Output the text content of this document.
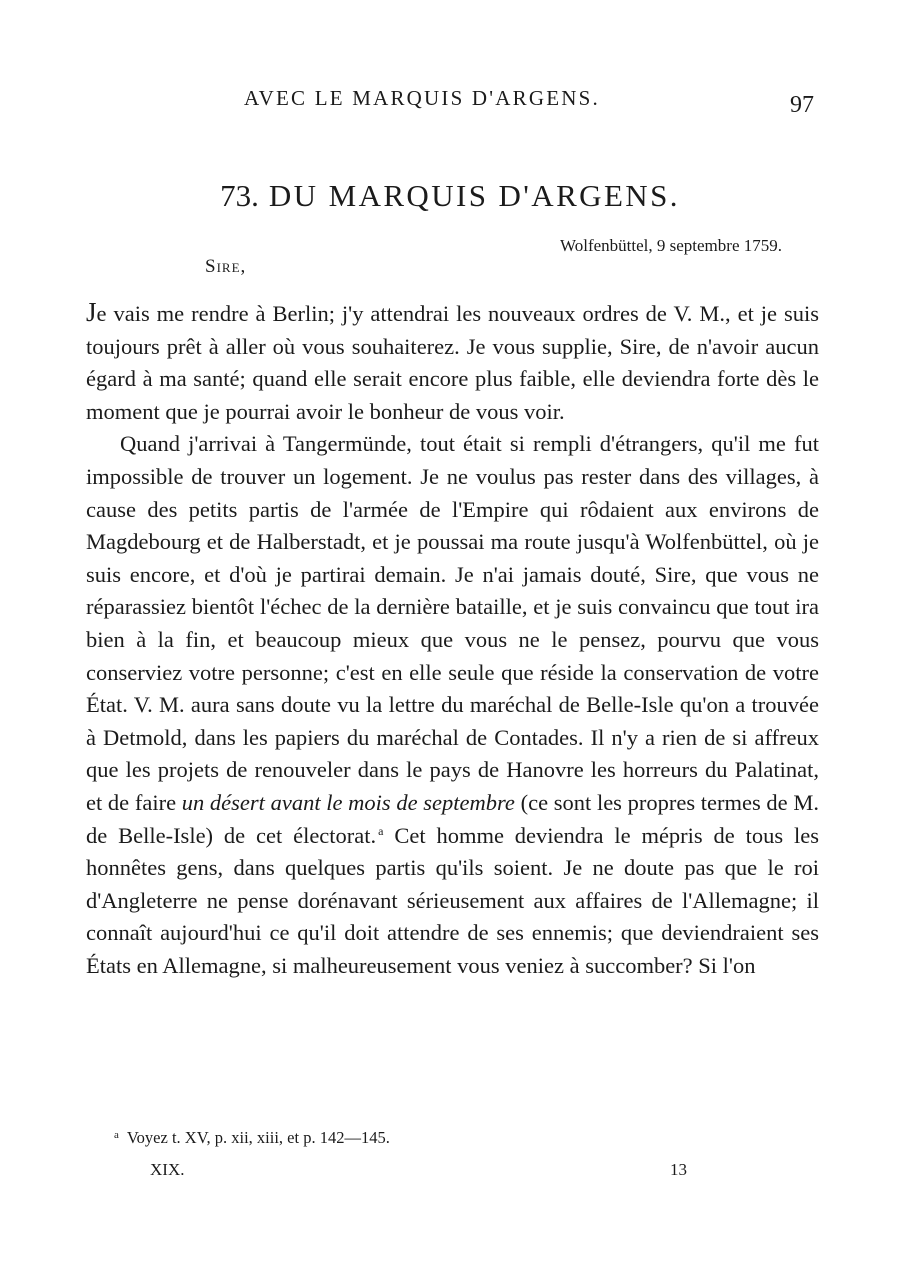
AVEC LE MARQUIS D'ARGENS.	97
73. DU MARQUIS D'ARGENS.
Wolfenbüttel, 9 septembre 1759.
Sire,

Je vais me rendre à Berlin; j'y attendrai les nouveaux ordres de V. M., et je suis toujours prêt à aller où vous souhaiterez. Je vous supplie, Sire, de n'avoir aucun égard à ma santé; quand elle serait encore plus faible, elle deviendra forte dès le moment que je pourrai avoir le bonheur de vous voir.

Quand j'arrivai à Tangermünde, tout était si rempli d'étrangers, qu'il me fut impossible de trouver un logement. Je ne voulus pas rester dans des villages, à cause des petits partis de l'armée de l'Empire qui rôdaient aux environs de Magdebourg et de Halberstadt, et je poussai ma route jusqu'à Wolfenbüttel, où je suis encore, et d'où je partirai demain. Je n'ai jamais douté, Sire, que vous ne réparassiez bientôt l'échec de la dernière bataille, et je suis convaincu que tout ira bien à la fin, et beaucoup mieux que vous ne le pensez, pourvu que vous conserviez votre personne; c'est en elle seule que réside la conservation de votre État. V. M. aura sans doute vu la lettre du maréchal de Belle-Isle qu'on a trouvée à Detmold, dans les papiers du maréchal de Contades. Il n'y a rien de si affreux que les projets de renouveler dans le pays de Hanovre les horreurs du Palatinat, et de faire un désert avant le mois de septembre (ce sont les propres termes de M. de Belle-Isle) de cet électorat. $^a$ Cet homme deviendra le mépris de tous les honnêtes gens, dans quelques partis qu'ils soient. Je ne doute pas que le roi d'Angleterre ne pense dorénavant sérieusement aux affaires de l'Allemagne; il connaît aujourd'hui ce qu'il doit attendre de ses ennemis; que deviendraient ses États en Allemagne, si malheureusement vous veniez à succomber? Si l'on

$^a$ Voyez t. XV, p. xii, xiii, et p. 142—145.
XIX.	13
